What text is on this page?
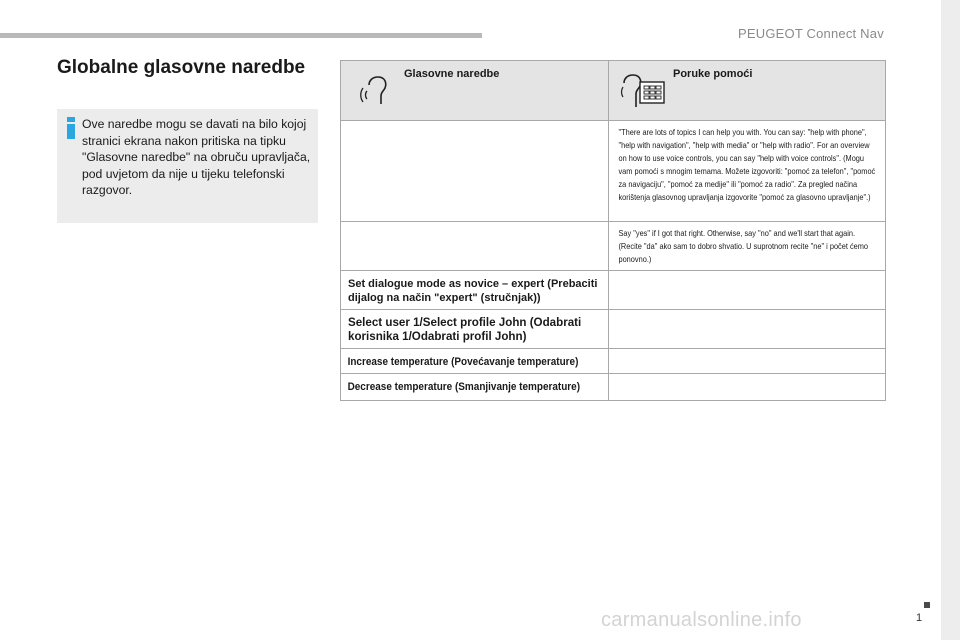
PEUGEOT Connect Nav
Globalne glasovne naredbe
Ove naredbe mogu se davati na bilo kojoj stranici ekrana nakon pritiska na tipku "Glasovne naredbe" na obruču upravljača, pod uvjetom da nije u tijeku telefonski razgovor.
Glasovne naredbe	Poruke pomoći

	"There are lots of topics I can help you with. You can say: "help with phone", "help with navigation", "help with media" or "help with radio". For an overview on how to use voice controls, you can say "help with voice controls". (Mogu vam pomoći s mnogim temama. Možete izgovoriti: "pomoć za telefon", "pomoć za navigaciju", "pomoć za medije" ili "pomoć za radio". Za pregled načina korištenja glasovnog upravljanja izgovorite "pomoć za glasovno upravljanje".)

	Say "yes" if I got that right. Otherwise, say "no" and we'll start that again. (Recite "da" ako sam to dobro shvatio. U suprotnom recite "ne" i počet ćemo ponovno.)

Set dialogue mode as novice – expert (Prebaciti dijalog na način "expert" (stručnjak))	

Select user 1/Select profile John (Odabrati korisnika 1/Odabrati profil John)	

Increase temperature (Povećavanje temperature)	

Decrease temperature (Smanjivanje temperature)	

1
carmanualsonline.info
